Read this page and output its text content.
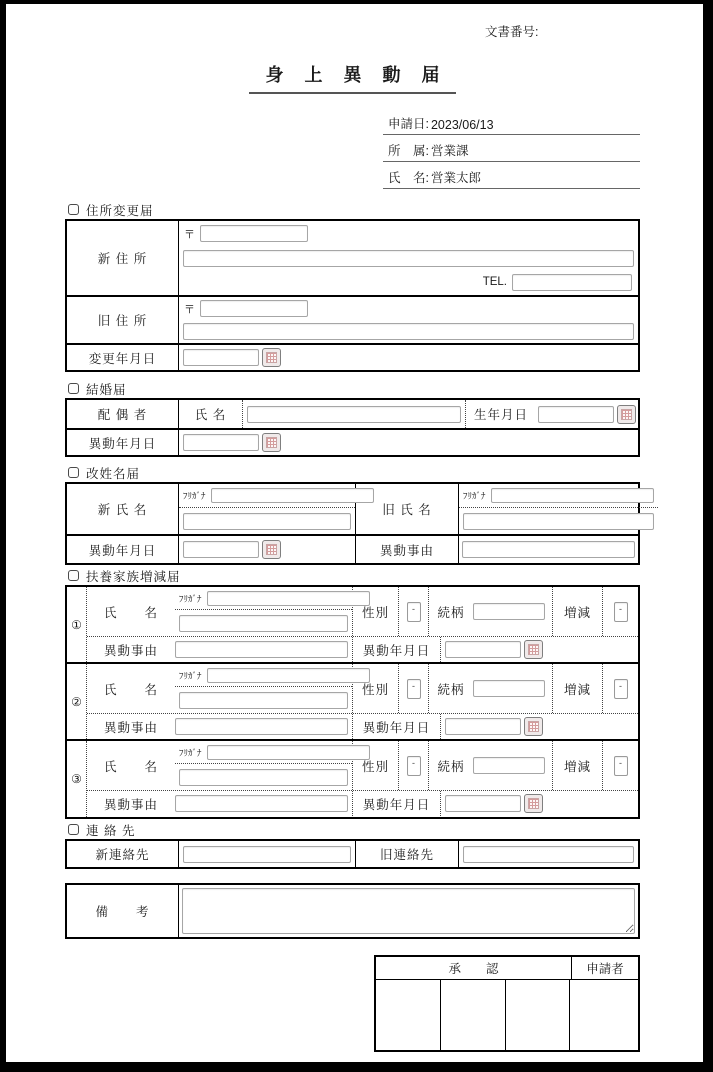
文書番号:
身 上 異 動 届
申請日: 2023/06/13
所　属: 営業課
氏　名: 営業太郎
住所変更届
新 住 所
〒
TEL.
旧 住 所
〒
変更年月日
結婚届
配 偶 者	氏 名	生年月日
異動年月日
改姓名届
新 氏 名
ﾌﾘｶﾞﾅ
旧 氏 名
ﾌﾘｶﾞﾅ
異動年月日	異動事由
扶養家族増減届
①
氏　　名
ﾌﾘｶﾞﾅ
性別	-	続柄	増減	-
異動事由	異動年月日
②
氏　　名
ﾌﾘｶﾞﾅ
性別	-	続柄	増減	-
異動事由	異動年月日
③
氏　　名
ﾌﾘｶﾞﾅ
性別	-	続柄	増減	-
異動事由	異動年月日
連 絡 先
新連絡先	旧連絡先
備　　考
承　　認	申請者
